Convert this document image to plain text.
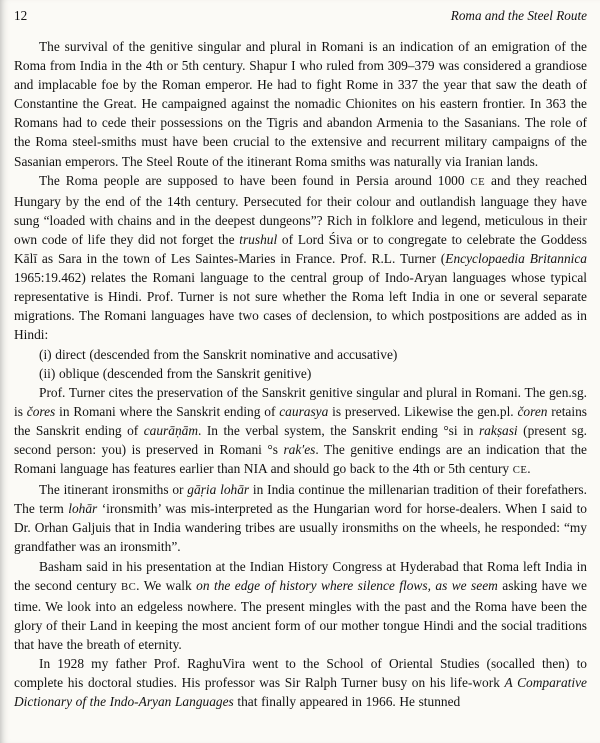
12	Roma and the Steel Route

The survival of the genitive singular and plural in Romani is an indication of an emigration of the Roma from India in the 4th or 5th century. Shapur I who ruled from 309–379 was considered a grandiose and implacable foe by the Roman emperor. He had to fight Rome in 337 the year that saw the death of Constantine the Great. He campaigned against the nomadic Chionites on his eastern frontier. In 363 the Romans had to cede their possessions on the Tigris and abandon Armenia to the Sasanians. The role of the Roma steel-smiths must have been crucial to the extensive and recurrent military campaigns of the Sasanian emperors. The Steel Route of the itinerant Roma smiths was naturally via Iranian lands.

The Roma people are supposed to have been found in Persia around 1000 CE and they reached Hungary by the end of the 14th century. Persecuted for their colour and outlandish language they have sung “loaded with chains and in the deepest dungeons”? Rich in folklore and legend, meticulous in their own code of life they did not forget the trushul of Lord Śiva or to congregate to celebrate the Goddess Kālī as Sara in the town of Les Saintes-Maries in France. Prof. R.L. Turner (Encyclopaedia Britannica 1965:19.462) relates the Romani language to the central group of Indo-Aryan languages whose typical representative is Hindi. Prof. Turner is not sure whether the Roma left India in one or several separate migrations. The Romani languages have two cases of declension, to which postpositions are added as in Hindi:

(i) direct (descended from the Sanskrit nominative and accusative)

(ii) oblique (descended from the Sanskrit genitive)

Prof. Turner cites the preservation of the Sanskrit genitive singular and plural in Romani. The gen.sg. is čores in Romani where the Sanskrit ending of caurasya is preserved. Likewise the gen.pl. čoren retains the Sanskrit ending of caurāṇām. In the verbal system, the Sanskrit ending °si in rakṣasi (present sg. second person: you) is preserved in Romani °s rak′es. The genitive endings are an indication that the Romani language has features earlier than NIA and should go back to the 4th or 5th century CE.

The itinerant ironsmiths or gāṛia lohār in India continue the millenarian tradition of their forefathers. The term lohār ‘ironsmith’ was mis-interpreted as the Hungarian word for horse-dealers. When I said to Dr. Orhan Galjuis that in India wandering tribes are usually ironsmiths on the wheels, he responded: “my grandfather was an ironsmith”.

Basham said in his presentation at the Indian History Congress at Hyderabad that Roma left India in the second century BC. We walk on the edge of history where silence flows, as we seem asking have we time. We look into an edgeless nowhere. The present mingles with the past and the Roma have been the glory of their Land in keeping the most ancient form of our mother tongue Hindi and the social traditions that have the breath of eternity.

In 1928 my father Prof. RaghuVira went to the School of Oriental Studies (socalled then) to complete his doctoral studies. His professor was Sir Ralph Turner busy on his life-work A Comparative Dictionary of the Indo-Aryan Languages that finally appeared in 1966. He stunned
